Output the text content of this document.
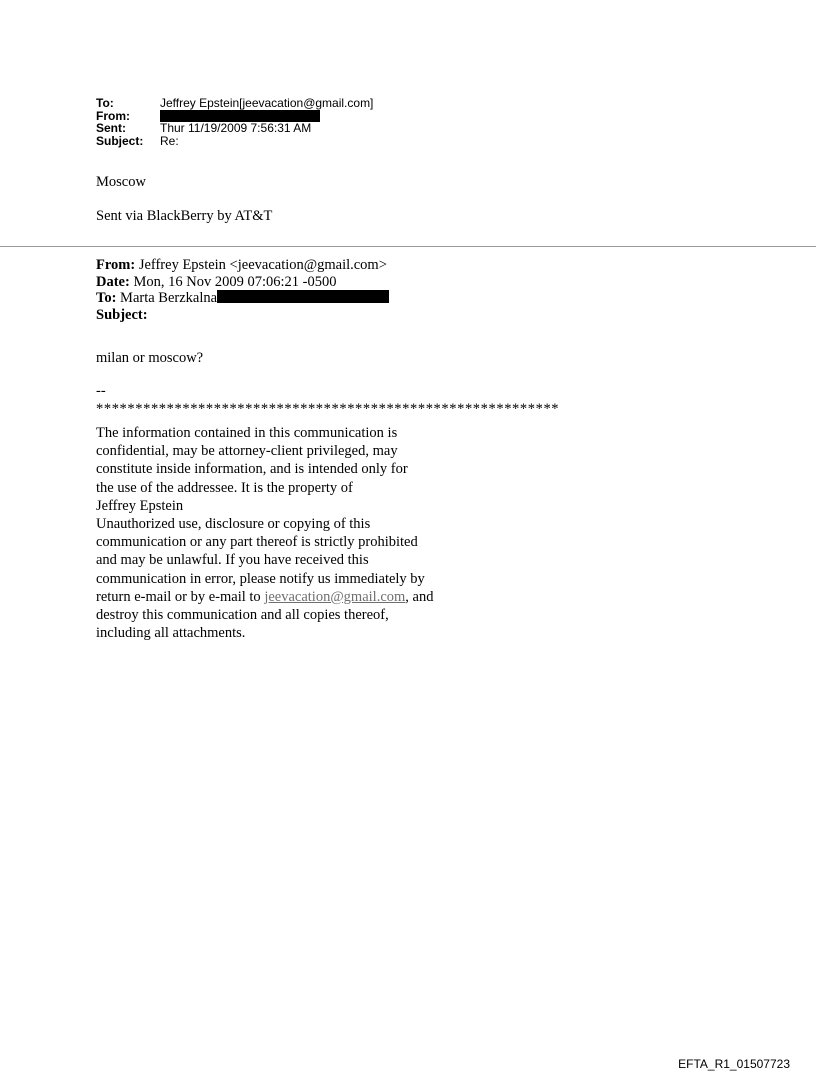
To:	Jeffrey Epstein[jeevacation@gmail.com]
From:
Sent:	Thur 11/19/2009 7:56:31 AM
Subject:	Re:
Moscow
Sent via BlackBerry by AT&T
From: Jeffrey Epstein <jeevacation@gmail.com>
Date: Mon, 16 Nov 2009 07:06:21 -0500
To: Marta Berzkalna
Subject:
milan or moscow?
--
***********************************************************
The information contained in this communication is
confidential, may be attorney-client privileged, may
constitute inside information, and is intended only for
the use of the addressee. It is the property of
Jeffrey Epstein
Unauthorized use, disclosure or copying of this
communication or any part thereof is strictly prohibited
and may be unlawful. If you have received this
communication in error, please notify us immediately by
return e-mail or by e-mail to jeevacation@gmail.com, and
destroy this communication and all copies thereof,
including all attachments.
EFTA_R1_01507723
